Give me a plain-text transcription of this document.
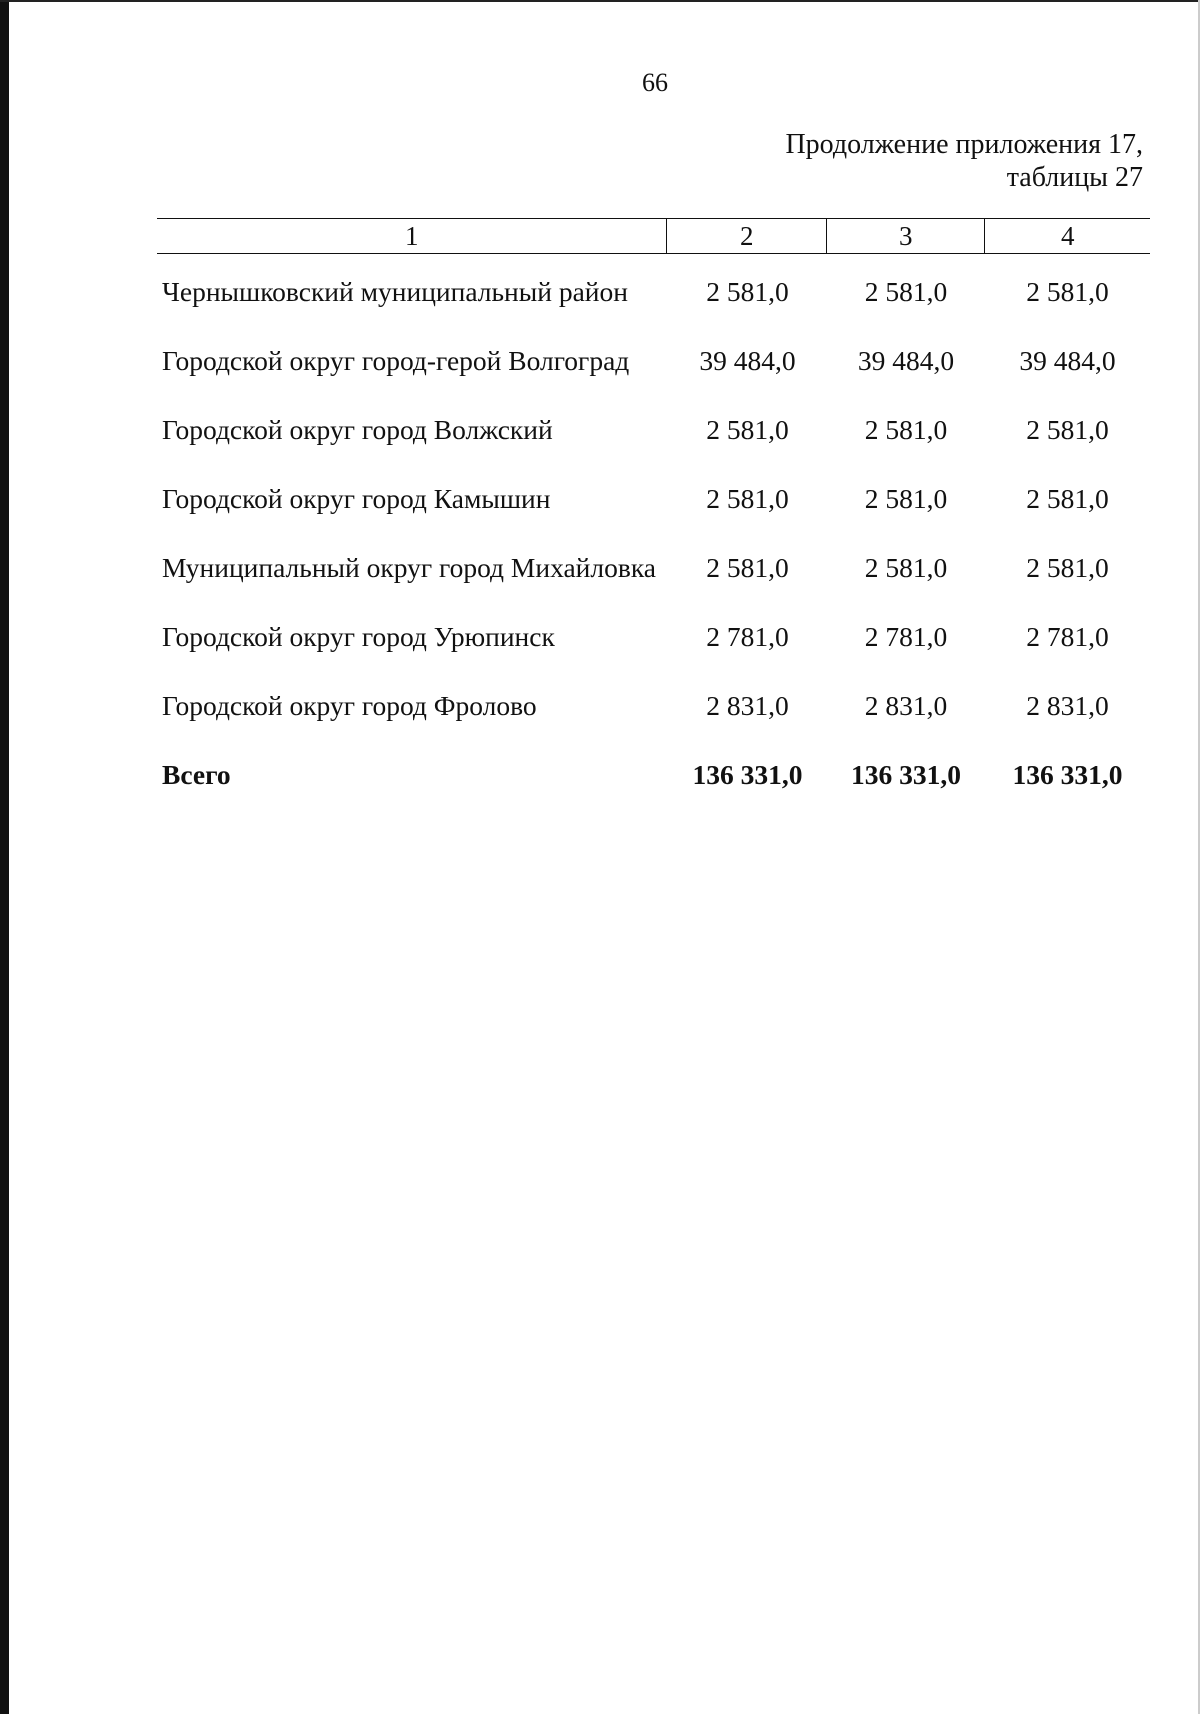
66
Продолжение приложения 17,
таблицы 27
1	2	3	4
Чернышковский муниципальный район	2 581,0	2 581,0	2 581,0
Городской округ город-герой Волгоград	39 484,0	39 484,0	39 484,0
Городской округ город Волжский	2 581,0	2 581,0	2 581,0
Городской округ город Камышин	2 581,0	2 581,0	2 581,0
Муниципальный округ город Михайловка	2 581,0	2 581,0	2 581,0
Городской округ город Урюпинск	2 781,0	2 781,0	2 781,0
Городской округ город Фролово	2 831,0	2 831,0	2 831,0
Всего	136 331,0	136 331,0	136 331,0
